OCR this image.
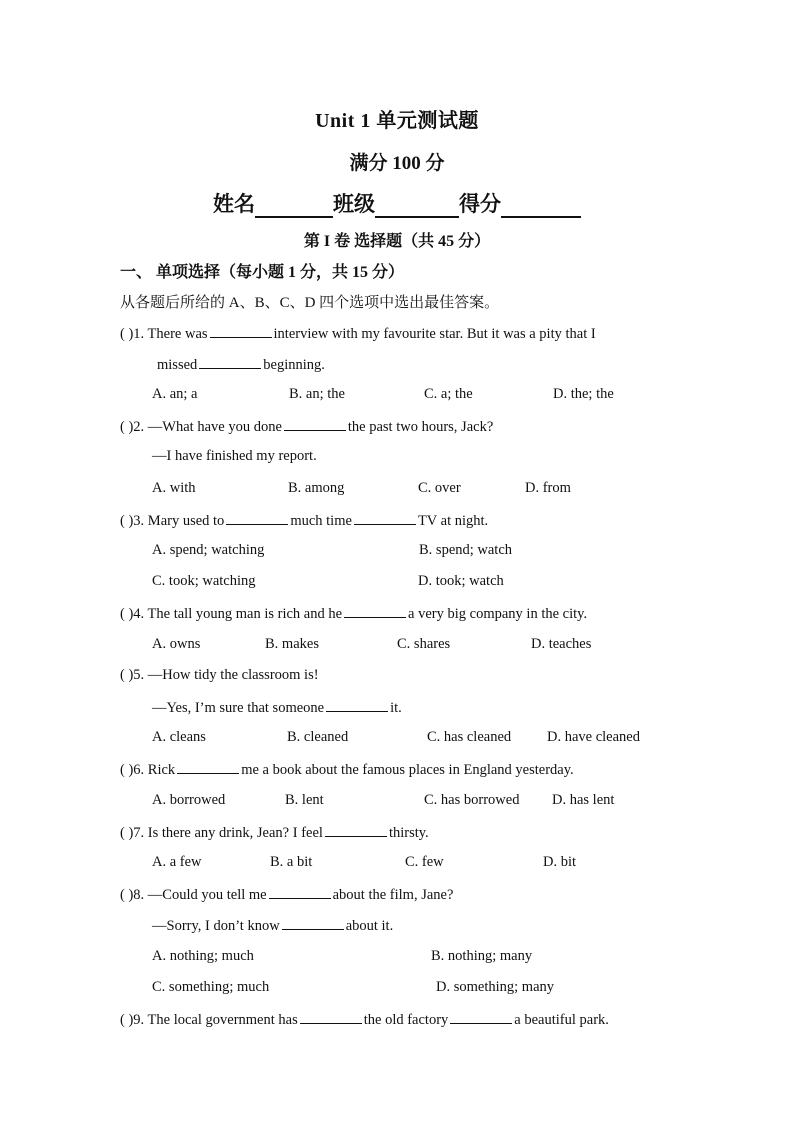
Unit 1 单元测试题
满分 100 分
姓名	班级	得分
第 I 卷 选择题（共 45 分）
一、 单项选择（每小题 1 分，共 15 分）
从各题后所给的 A、B、C、D 四个选项中选出最佳答案。
( )1. There was	interview with my favourite star. But it was a pity that I
missed	beginning.
A. an; a	B. an; the	C. a; the	D. the; the
( )2. —What have you done	the past two hours, Jack?
—I have finished my report.
A. with	B. among	C. over	D. from
( )3. Mary used to	much time	TV at night.
A. spend; watching	B. spend; watch
C. took; watching	D. took; watch
( )4. The tall young man is rich and he	a very big company in the city.
A. owns	B. makes	C. shares	D. teaches
( )5. —How tidy the classroom is!
—Yes, I’m sure that someone	it.
A. cleans	B. cleaned	C. has cleaned D. have cleaned
( )6. Rick	me a book about the famous places in England yesterday.
A. borrowed	B. lent	C. has borrowed D. has lent
( )7. Is there any drink, Jean? I feel	thirsty.
A. a few	B. a bit	C. few	D. bit
( )8. —Could you tell me	about the film, Jane?
—Sorry, I don’t know	about it.
A. nothing; much	B. nothing; many
C. something; much	D. something; many
( )9. The local government has	the old factory	a beautiful park.
